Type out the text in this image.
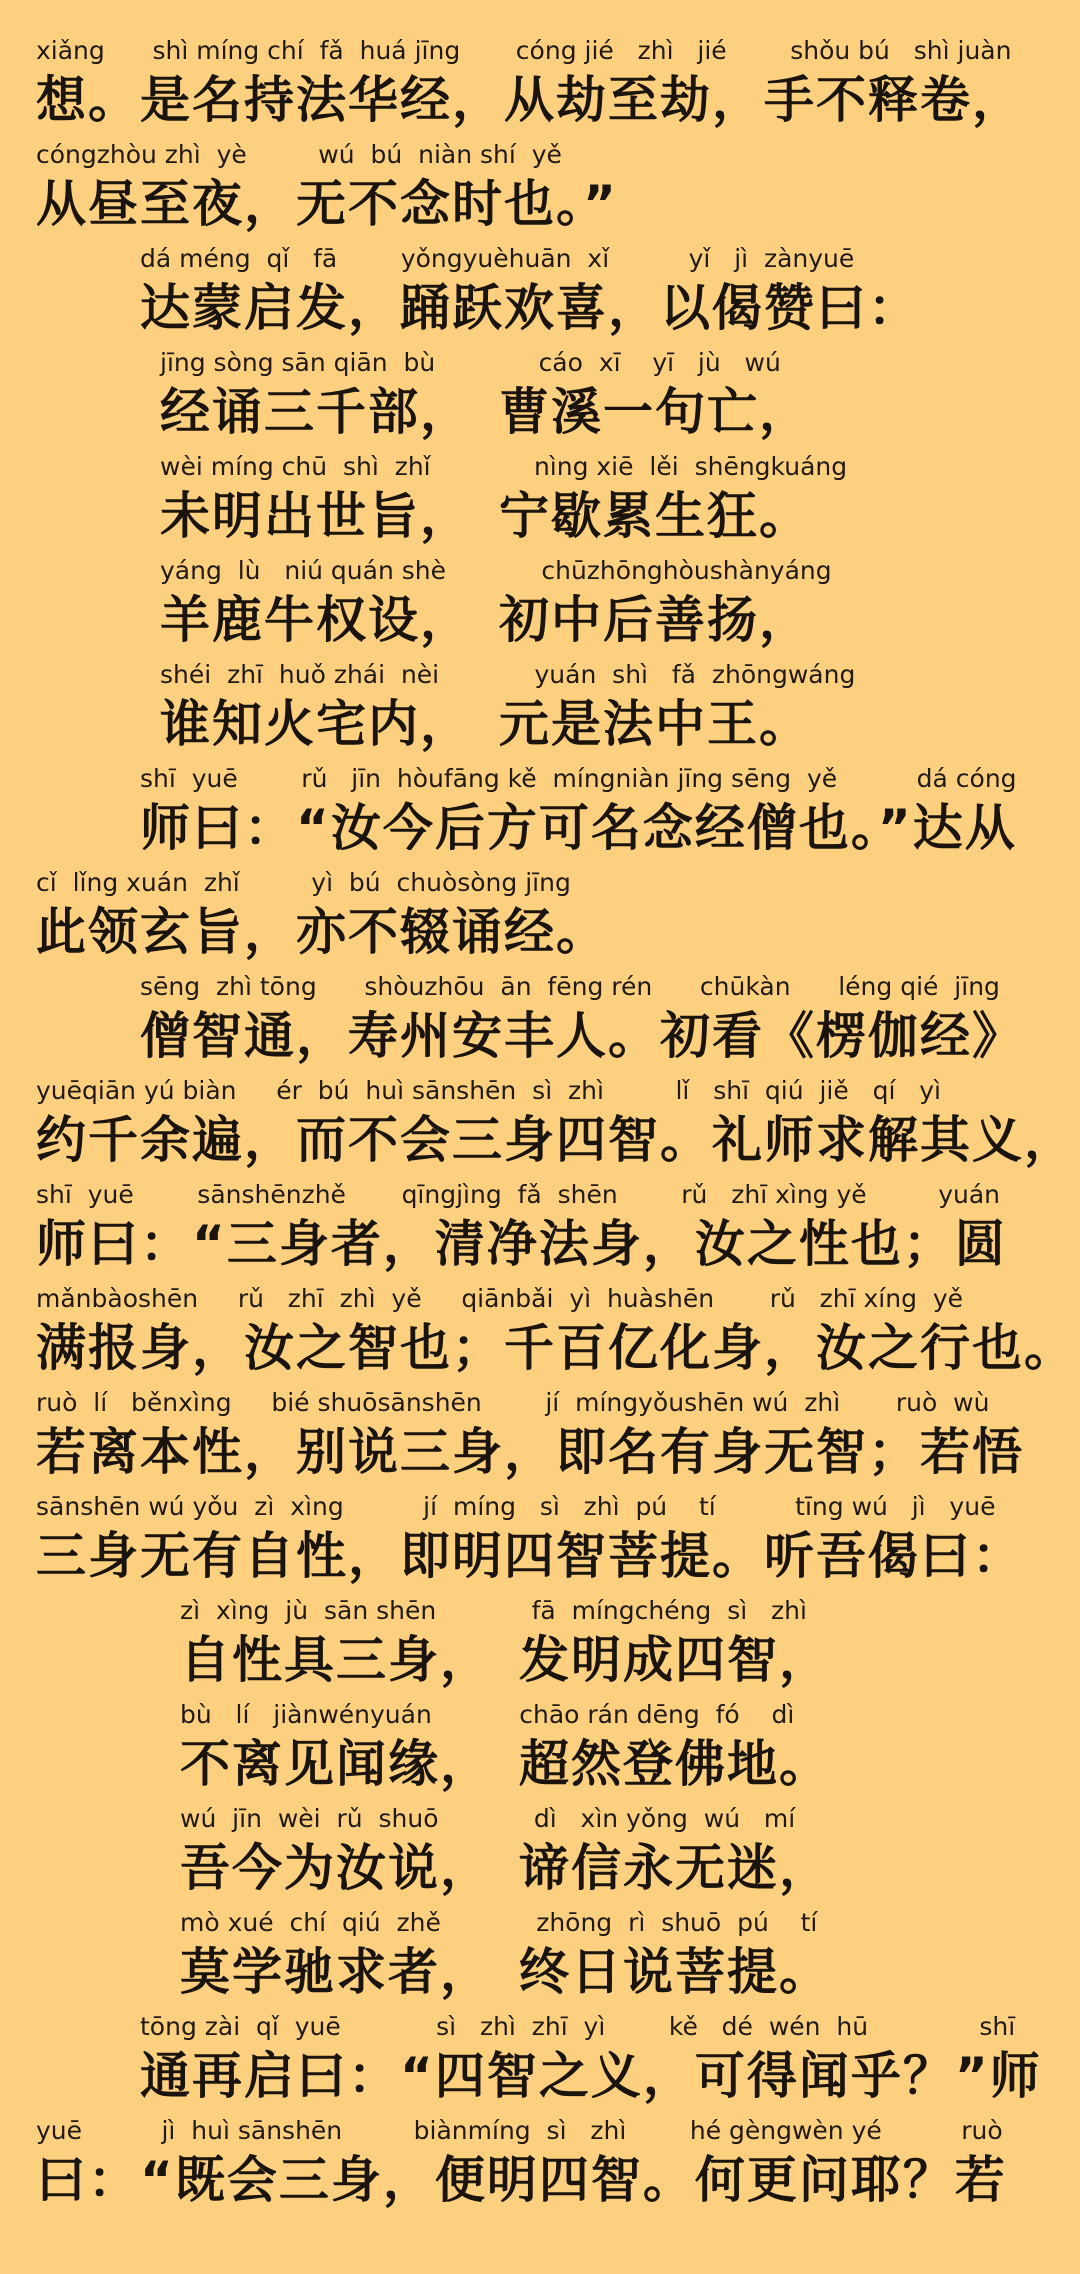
xiǎng      shì míng chí  fǎ  huá jīng       cóng jié   zhì   jié        shǒu bú   shì juàn
想。是名持法华经，从劫至劫，手不释卷，
cóngzhòu zhì  yè         wú  bú  niàn shí  yě
从昼至夜，无不念时也。”
dá méng  qǐ   fā        yǒngyuèhuān  xǐ          yǐ   jì  zànyuē
达蒙启发，踊跃欢喜，以偈赞曰：
jīng sòng sān qiān  bù             cáo  xī    yī   jù   wú
经诵三千部，　曹溪一句亡，
wèi míng chū  shì  zhǐ             nìng xiē  lěi  shēngkuáng
未明出世旨，　宁歇累生狂。
yáng  lù   niú quán shè            chūzhōnghòushànyáng
羊鹿牛权设，　初中后善扬，
shéi  zhī  huǒ zhái  nèi            yuán  shì   fǎ  zhōngwáng
谁知火宅内，　元是法中王。
shī  yuē        rǔ   jīn  hòufāng kě  míngniàn jīng sēng  yě          dá cóng
师曰：“汝今后方可名念经僧也。”达从
cǐ  lǐng xuán  zhǐ         yì  bú  chuòsòng jīng
此领玄旨，亦不辍诵经。
sēng  zhì tōng      shòuzhōu  ān  fēng rén      chūkàn      léng qié  jīng
僧智通，寿州安丰人。初看《楞伽经》
yuēqiān yú biàn     ér  bú  huì sānshēn  sì  zhì         lǐ   shī  qiú  jiě   qí   yì
约千余遍，而不会三身四智。礼师求解其义，
shī  yuē        sānshēnzhě       qīngjìng  fǎ  shēn        rǔ   zhī xìng yě         yuán
师曰：“三身者，清净法身，汝之性也；圆
mǎnbàoshēn     rǔ   zhī  zhì  yě     qiānbǎi  yì  huàshēn       rǔ   zhī xíng  yě
满报身，汝之智也；千百亿化身，汝之行也。
ruò  lí   běnxìng     bié shuōsānshēn        jí  míngyǒushēn wú  zhì       ruò  wù
若离本性，别说三身，即名有身无智；若悟
sānshēn wú yǒu  zì  xìng          jí  míng   sì   zhì  pú    tí          tīng wú   jì   yuē
三身无有自性，即明四智菩提。听吾偈曰：
zì  xìng  jù  sān shēn            fā  míngchéng  sì   zhì
自性具三身，　发明成四智，
bù   lí   jiànwényuán           chāo rán dēng  fó    dì
不离见闻缘，　超然登佛地。
wú  jīn  wèi  rǔ  shuō            dì   xìn yǒng  wú   mí
吾今为汝说，　谛信永无迷，
mò xué  chí  qiú  zhě            zhōng  rì  shuō  pú    tí
莫学驰求者，　终日说菩提。
tōng zài  qǐ  yuē            sì   zhì  zhī  yì        kě   dé  wén  hū              shī
通再启曰：“四智之义，可得闻乎？”师
yuē          jì  huì sānshēn         biànmíng  sì   zhì        hé gèngwèn yé          ruò
曰：“既会三身，便明四智。何更问耶？若
